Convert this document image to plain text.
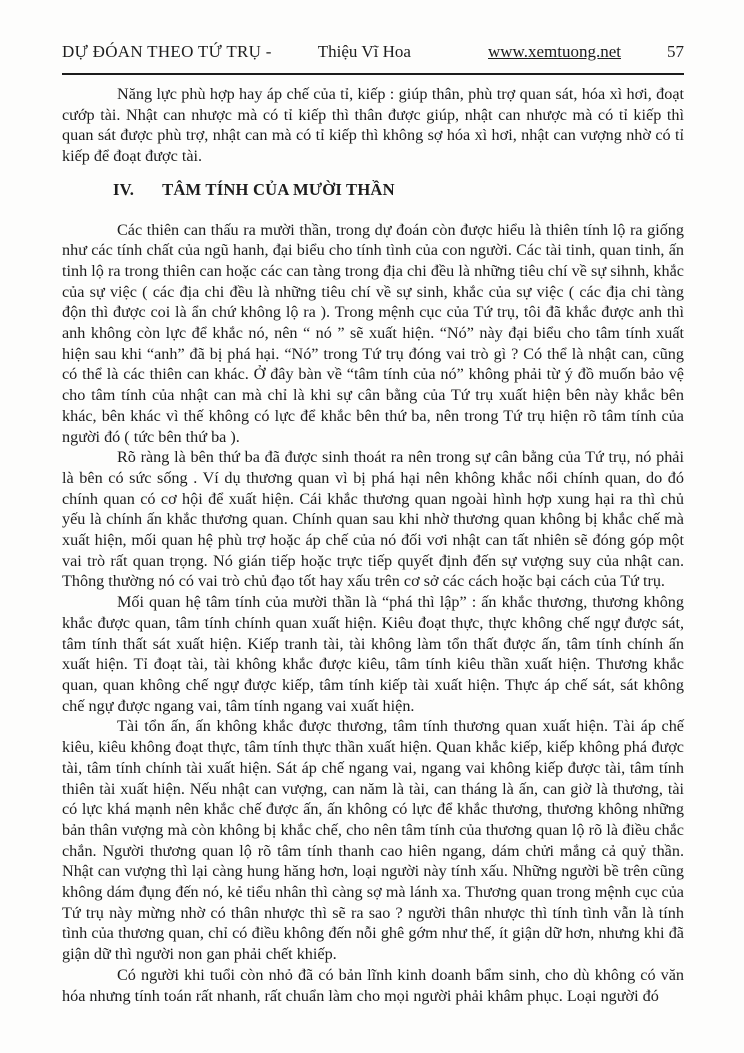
DỰ ĐÓAN THEO TỨ TRỤ -	Thiệu Vĩ Hoa	www.xemtuong.net	57

Năng lực phù hợp hay áp chế của tỉ, kiếp : giúp thân, phù trợ quan sát, hóa xì hơi, đoạt cướp tài. Nhật can nhược mà có tỉ kiếp thì thân được giúp, nhật can nhược mà có tỉ kiếp thì quan sát được phù trợ, nhật can mà có tỉ kiếp thì không sợ hóa xì hơi, nhật can vượng nhờ có tỉ kiếp để đoạt được tài.

IV. TÂM TÍNH CỦA MƯỜI THẦN

Các thiên can thấu ra mười thần, trong dự đoán còn được hiểu là thiên tính lộ ra giống như các tính chất của ngũ hanh, đại biểu cho tính tình của con người. Các tài tinh, quan tinh, ấn tinh lộ ra trong thiên can hoặc các can tàng trong địa chi đều là những tiêu chí về sự sihnh, khắc của sự việc ( các địa chi đều là những tiêu chí về sự sinh, khắc của sự việc ( các địa chi tàng độn thì được coi là ẩn chứ không lộ ra ). Trong mệnh cục của Tứ trụ, tôi đã khắc được anh thì anh không còn lực để khắc nó, nên “ nó ” sẽ xuất hiện. “Nó” này đại biểu cho tâm tính xuất hiện sau khi “anh” đã bị phá hại. “Nó” trong Tứ trụ đóng vai trò gì ? Có thể là nhật can, cũng có thể là các thiên can khác. Ở đây bàn về “tâm tính của nó” không phải từ ý đồ muốn bảo vệ cho tâm tính của nhật can mà chỉ là khi sự cân bằng của Tứ trụ xuất hiện bên này khắc bên khác, bên khác vì thế không có lực để khắc bên thứ ba, nên trong Tứ trụ hiện rõ tâm tính của người đó ( tức bên thứ ba ).

Rõ ràng là bên thứ ba đã được sinh thoát ra nên trong sự cân bằng của Tứ trụ, nó phải là bên có sức sống . Ví dụ thương quan vì bị phá hại nên không khắc nổi chính quan, do đó chính quan có cơ hội để xuất hiện. Cái khắc thương quan ngoài hình hợp xung hại ra thì chủ yếu là chính ấn khắc thương quan. Chính quan sau khi nhờ thương quan không bị khắc chế mà xuất hiện, mối quan hệ phù trợ hoặc áp chế của nó đối vơi nhật can tất nhiên sẽ đóng góp một vai trò rất quan trọng. Nó gián tiếp hoặc trực tiếp quyết định đến sự vượng suy của nhật can. Thông thường nó có vai trò chủ đạo tốt hay xấu trên cơ sở các cách hoặc bại cách của Tứ trụ.

Mối quan hệ tâm tính của mười thần là “phá thì lập” : ấn khắc thương, thương không khắc được quan, tâm tính chính quan xuất hiện. Kiêu đoạt thực, thực không chế ngự được sát, tâm tính thất sát xuất hiện. Kiếp tranh tài, tài không làm tổn thất được ấn, tâm tính chính ấn xuất hiện. Tỉ đoạt tài, tài không khắc được kiêu, tâm tính kiêu thần xuất hiện. Thương khắc quan, quan không chế ngự được kiếp, tâm tính kiếp tài xuất hiện. Thực áp chế sát, sát không chế ngự được ngang vai, tâm tính ngang vai xuất hiện.

Tài tổn ấn, ấn không khắc được thương, tâm tính thương quan xuất hiện. Tài áp chế kiêu, kiêu không đoạt thực, tâm tính thực thần xuất hiện. Quan khắc kiếp, kiếp không phá được tài, tâm tính chính tài xuất hiện. Sát áp chế ngang vai, ngang vai không kiếp được tài, tâm tính thiên tài xuất hiện. Nếu nhật can vượng, can năm là tài, can tháng là ấn, can giờ là thương, tài có lực khá mạnh nên khắc chế được ấn, ấn không có lực để khắc thương, thương không những bản thân vượng mà còn không bị khắc chế, cho nên tâm tính của thương quan lộ rõ là điều chắc chắn. Người thương quan lộ rõ tâm tính thanh cao hiên ngang, dám chửi mắng cả quỷ thần. Nhật can vượng thì lại càng hung hăng hơn, loại người này tính xấu. Những người bề trên cũng không dám đụng đến nó, kẻ tiểu nhân thì càng sợ mà lánh xa. Thương quan trong mệnh cục của Tứ trụ này mừng nhờ có thân nhược thì sẽ ra sao ? người thân nhược thì tính tình vẫn là tính tình của thương quan, chỉ có điều không đến nỗi ghê gớm như thế, ít giận dữ hơn, nhưng khi đã giận dữ thì người non gan phải chết khiếp.

Có người khi tuổi còn nhỏ đã có bản lĩnh kinh doanh bẩm sinh, cho dù không có văn hóa nhưng tính toán rất nhanh, rất chuẩn làm cho mọi người phải khâm phục. Loại người đó
